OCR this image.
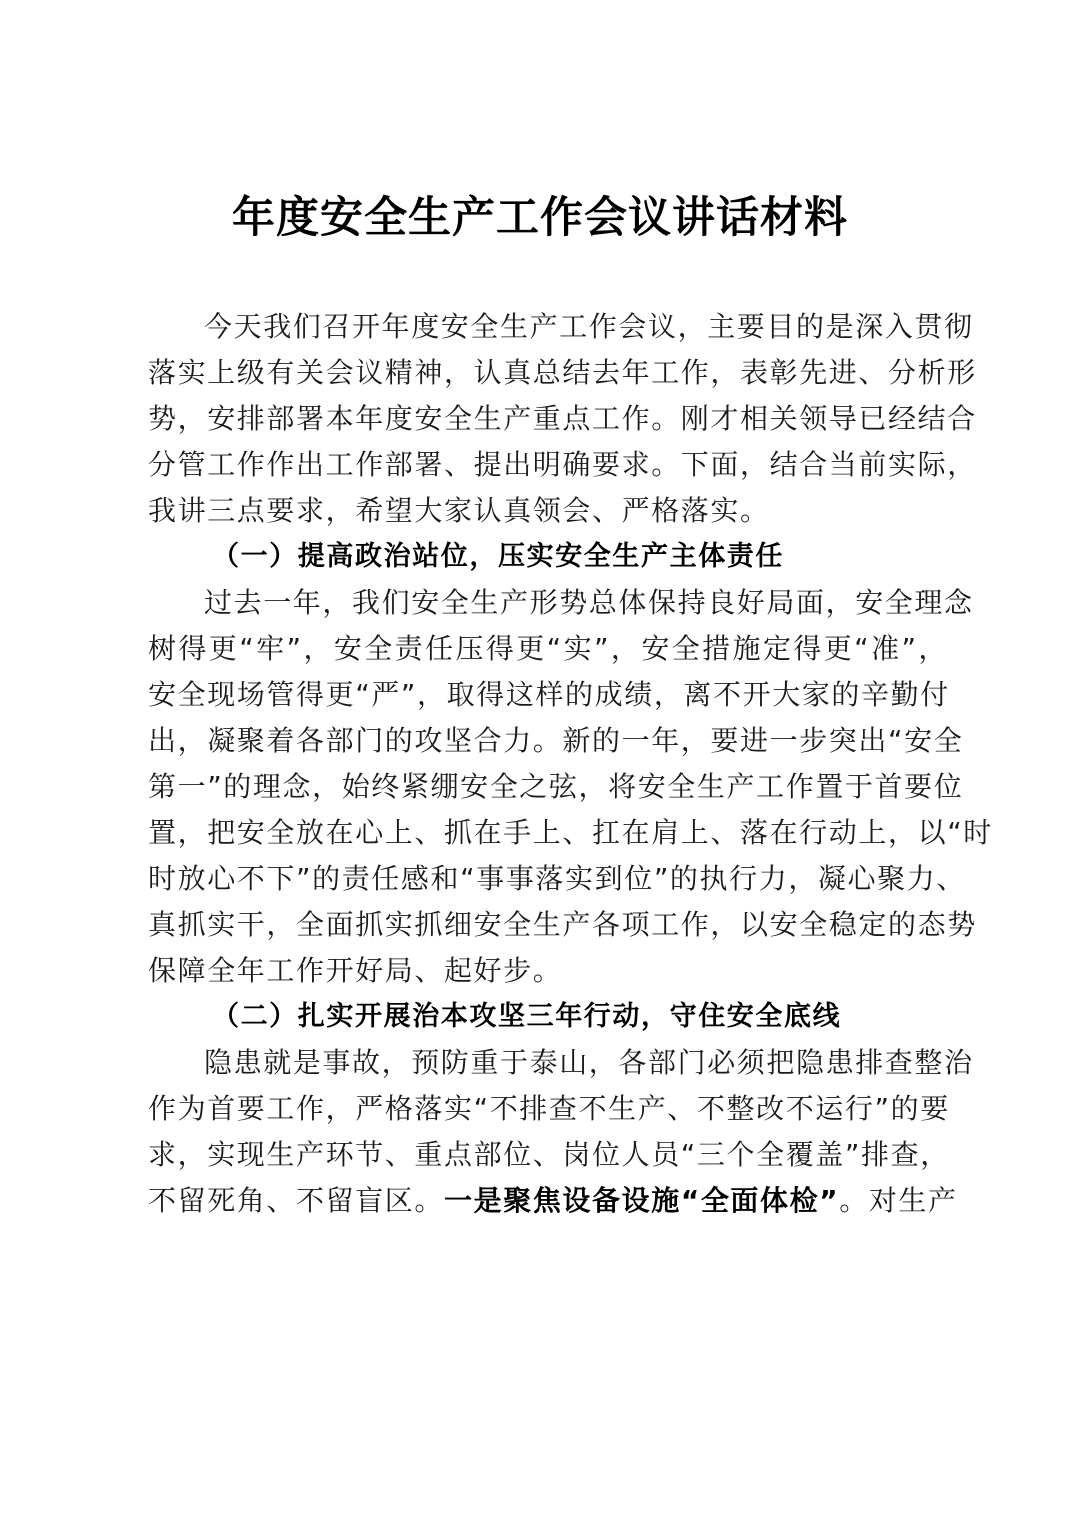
年度安全生产工作会议讲话材料
今天我们召开年度安全生产工作会议，主要目的是深入贯彻
落实上级有关会议精神，认真总结去年工作，表彰先进、分析形
势，安排部署本年度安全生产重点工作。刚才相关领导已经结合
分管工作作出工作部署、提出明确要求。下面，结合当前实际，
我讲三点要求，希望大家认真领会、严格落实。
（一）提高政治站位，压实安全生产主体责任
过去一年，我们安全生产形势总体保持良好局面，安全理念
树得更“牢”，安全责任压得更“实”，安全措施定得更“准”，
安全现场管得更“严”，取得这样的成绩，离不开大家的辛勤付
出，凝聚着各部门的攻坚合力。新的一年，要进一步突出“安全
第一”的理念，始终紧绷安全之弦，将安全生产工作置于首要位
置，把安全放在心上、抓在手上、扛在肩上、落在行动上，以“时
时放心不下”的责任感和“事事落实到位”的执行力，凝心聚力、
真抓实干，全面抓实抓细安全生产各项工作，以安全稳定的态势
保障全年工作开好局、起好步。
（二）扎实开展治本攻坚三年行动，守住安全底线
隐患就是事故，预防重于泰山，各部门必须把隐患排查整治
作为首要工作，严格落实“不排查不生产、不整改不运行”的要
求，实现生产环节、重点部位、岗位人员“三个全覆盖”排查，
不留死角、不留盲区。一是聚焦设备设施“全面体检”。对生产
